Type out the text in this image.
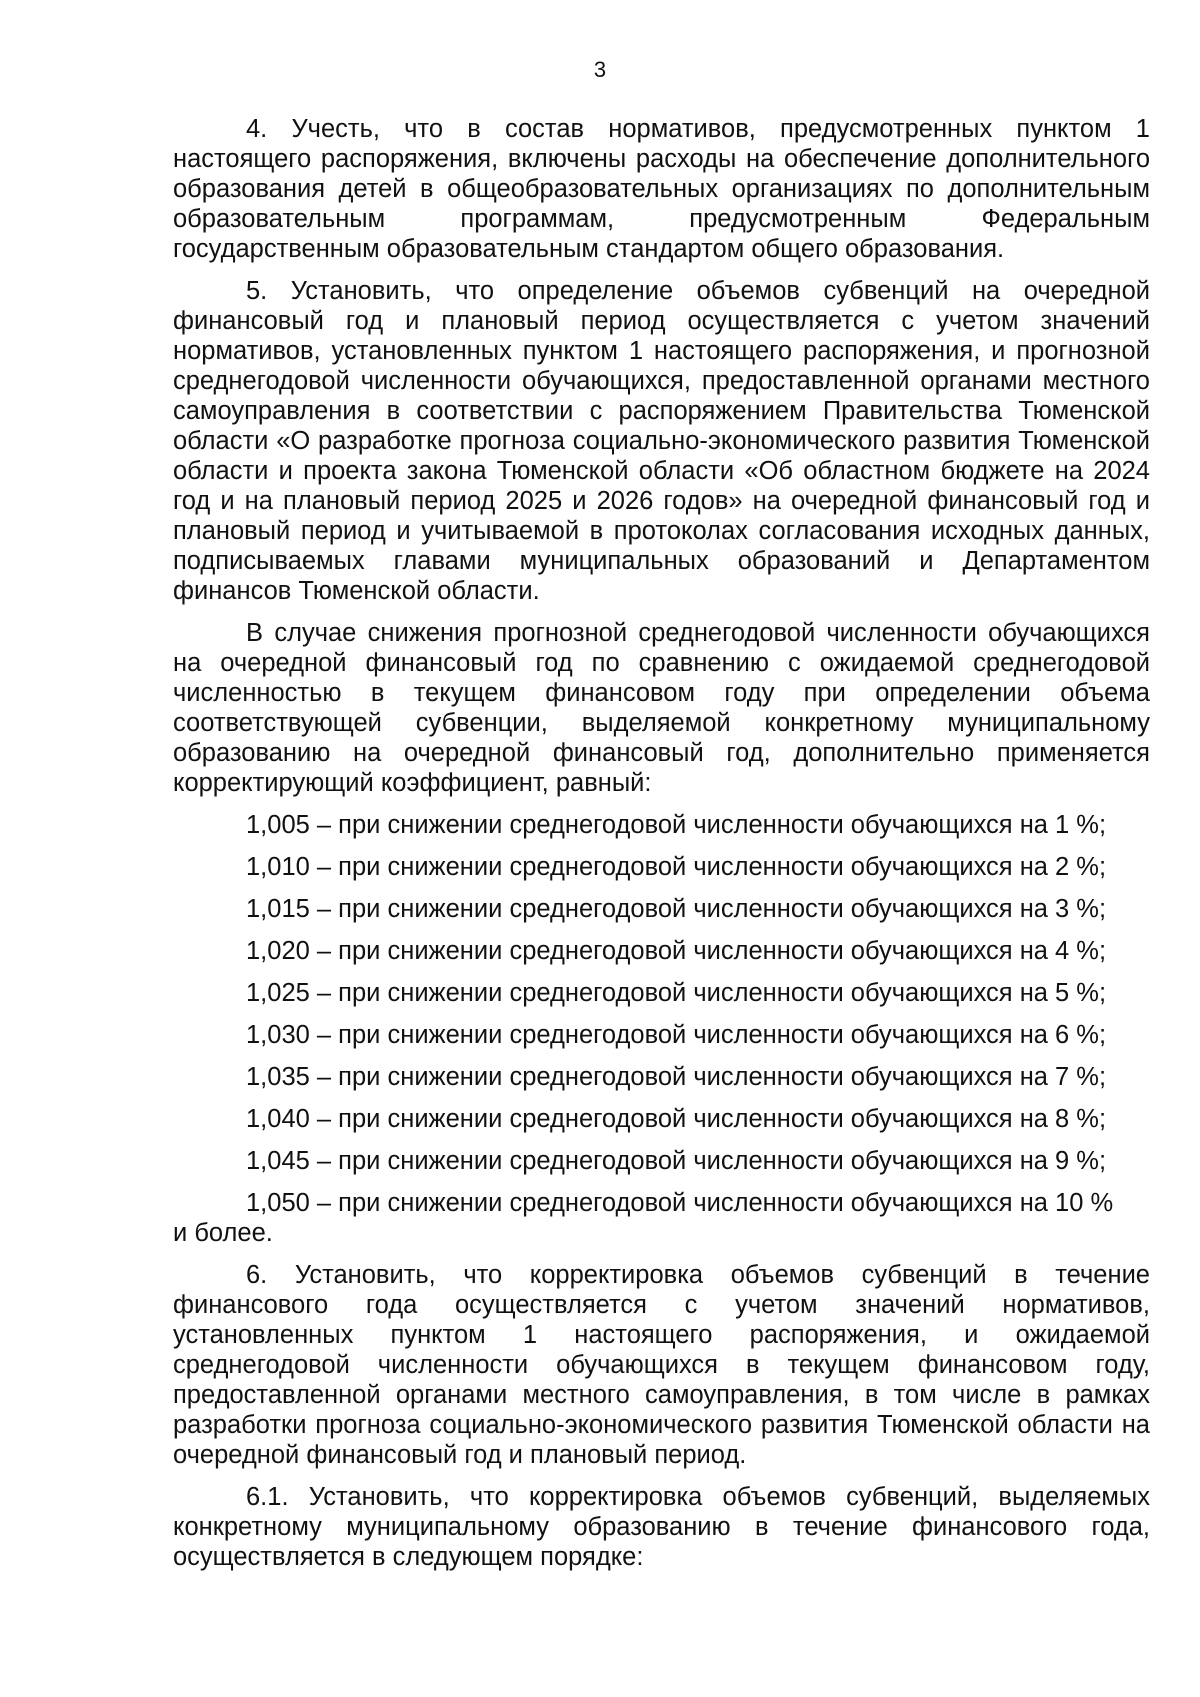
3

4. Учесть, что в состав нормативов, предусмотренных пунктом 1 настоящего распоряжения, включены расходы на обеспечение дополнительного образования детей в общеобразовательных организациях по дополнительным образовательным программам, предусмотренным Федеральным государственным образовательным стандартом общего образования.

5. Установить, что определение объемов субвенций на очередной финансовый год и плановый период осуществляется с учетом значений нормативов, установленных пунктом 1 настоящего распоряжения, и прогнозной среднегодовой численности обучающихся, предоставленной органами местного самоуправления в соответствии с распоряжением Правительства Тюменской области «О разработке прогноза социально-экономического развития Тюменской области и проекта закона Тюменской области «Об областном бюджете на 2024 год и на плановый период 2025 и 2026 годов» на очередной финансовый год и плановый период и учитываемой в протоколах согласования исходных данных, подписываемых главами муниципальных образований и Департаментом финансов Тюменской области.

В случае снижения прогнозной среднегодовой численности обучающихся на очередной финансовый год по сравнению с ожидаемой среднегодовой численностью в текущем финансовом году при определении объема соответствующей субвенции, выделяемой конкретному муниципальному образованию на очередной финансовый год, дополнительно применяется корректирующий коэффициент, равный:

1,005 – при снижении среднегодовой численности обучающихся на 1 %;

1,010 – при снижении среднегодовой численности обучающихся на 2 %;

1,015 – при снижении среднегодовой численности обучающихся на 3 %;

1,020 – при снижении среднегодовой численности обучающихся на 4 %;

1,025 – при снижении среднегодовой численности обучающихся на 5 %;

1,030 – при снижении среднегодовой численности обучающихся на 6 %;

1,035 – при снижении среднегодовой численности обучающихся на 7 %;

1,040 – при снижении среднегодовой численности обучающихся на 8 %;

1,045 – при снижении среднегодовой численности обучающихся на 9 %;

1,050 – при снижении среднегодовой численности обучающихся на 10 %

и более.

6. Установить, что корректировка объемов субвенций в течение финансового года осуществляется с учетом значений нормативов, установленных пунктом 1 настоящего распоряжения, и ожидаемой среднегодовой численности обучающихся в текущем финансовом году, предоставленной органами местного самоуправления, в том числе в рамках разработки прогноза социально-экономического развития Тюменской области на очередной финансовый год и плановый период.

6.1. Установить, что корректировка объемов субвенций, выделяемых конкретному муниципальному образованию в течение финансового года, осуществляется в следующем порядке:
